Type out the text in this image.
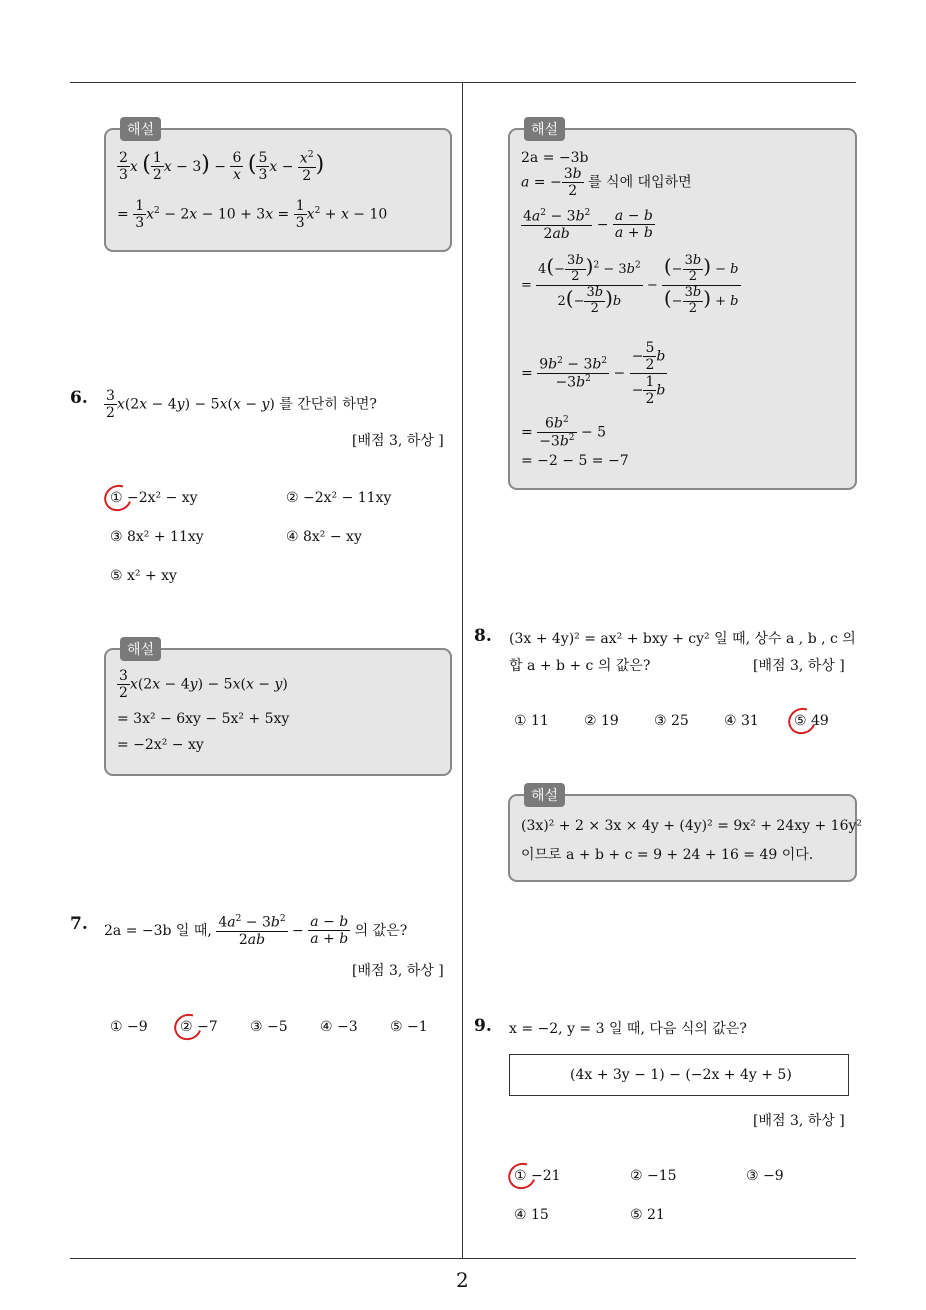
해설
$\frac{2}{3}$ x ( $\frac{1}{2}$ $x - 3) - \frac{6}{x}$ ( $\frac{5}{3}$ $x - \frac{x^2}{2}$ )
= $\frac{1}{3} x^2 - 2x - 10 + 3x = \frac{1}{3} x^2 + x - 10$
6. $\frac{3}{2} x(2x - 4y) - 5x(x - y)$ 를 간단히 하면?
[배점 3, 하상 ]
① −2x² − xy	② −2x² − 11xy
③ 8x² + 11xy	④ 8x² − xy
⑤ x² + xy
해설
$\frac{3}{2} x(2x - 4y) - 5x(x - y)$
= 3x² − 6xy − 5x² + 5xy
= −2x² − xy
7. 2a = −3b 일 때, $\frac{4a^2 - 3b^2}{2ab} - \frac{a - b}{a + b}$ 의 값은?
[배점 3, 하상 ]
① −9 ② −7 ③ −5 ④ −3 ⑤ −1
해설
2a = −3b
a = − $\frac{3b}{2}$ 를 식에 대입하면
$\frac{4a^2 - 3b^2}{2ab} - \frac{a - b}{a + b}$
= $\frac{4(- \frac{3b}{2} )^2 - 3b^2}{2(- \frac{3b}{2} )b} - \frac{(- \frac{3b}{2} ) - b}{(- \frac{3b}{2} ) + b}$
= $\frac{9b^2 - 3b^2}{-3b^2} - \frac{- \frac{5}{2} b}{- \frac{1}{2} b}$
= $\frac{6b^2}{-3b^2} - 5$
= −2 − 5 = −7
8. (3x + 4y)² = ax² + bxy + cy² 일 때, 상수 a , b , c 의
합 a + b + c 의 값은?	[배점 3, 하상 ]
① 11	② 19	③ 25	④ 31	⑤ 49
해설
(3x)² + 2 × 3x × 4y + (4y)² = 9x² + 24xy + 16y²
이므로 a + b + c = 9 + 24 + 16 = 49 이다.
9. x = −2, y = 3 일 때, 다음 식의 값은?
(4x + 3y − 1) − (−2x + 4y + 5)
[배점 3, 하상 ]
① −21	② −15	③ −9
④ 15	⑤ 21
2
